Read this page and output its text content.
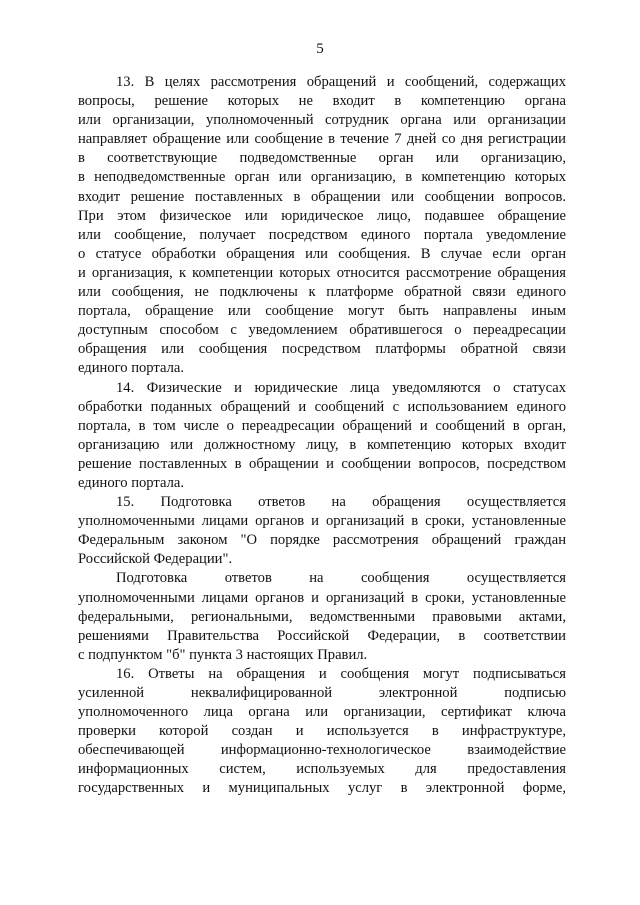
5
13. В целях рассмотрения обращений и сообщений, содержащих
вопросы, решение которых не входит в компетенцию органа
или организации, уполномоченный сотрудник органа или организации
направляет обращение или сообщение в течение 7 дней со дня регистрации
в соответствующие подведомственные орган или организацию,
в неподведомственные орган или организацию, в компетенцию которых
входит решение поставленных в обращении или сообщении вопросов.
При этом физическое или юридическое лицо, подавшее обращение
или сообщение, получает посредством единого портала уведомление
о статусе обработки обращения или сообщения. В случае если орган
и организация, к компетенции которых относится рассмотрение обращения
или сообщения, не подключены к платформе обратной связи единого
портала, обращение или сообщение могут быть направлены иным
доступным способом с уведомлением обратившегося о переадресации
обращения или сообщения посредством платформы обратной связи
единого портала.
14. Физические и юридические лица уведомляются о статусах
обработки поданных обращений и сообщений с использованием единого
портала, в том числе о переадресации обращений и сообщений в орган,
организацию или должностному лицу, в компетенцию которых входит
решение поставленных в обращении и сообщении вопросов, посредством
единого портала.
15. Подготовка ответов на обращения осуществляется
уполномоченными лицами органов и организаций в сроки, установленные
Федеральным законом "О порядке рассмотрения обращений граждан
Российской Федерации".
Подготовка ответов на сообщения осуществляется
уполномоченными лицами органов и организаций в сроки, установленные
федеральными, региональными, ведомственными правовыми актами,
решениями Правительства Российской Федерации, в соответствии
с подпунктом "б" пункта 3 настоящих Правил.
16. Ответы на обращения и сообщения могут подписываться
усиленной неквалифицированной электронной подписью
уполномоченного лица органа или организации, сертификат ключа
проверки которой создан и используется в инфраструктуре,
обеспечивающей информационно-технологическое взаимодействие
информационных систем, используемых для предоставления
государственных и муниципальных услуг в электронной форме,
